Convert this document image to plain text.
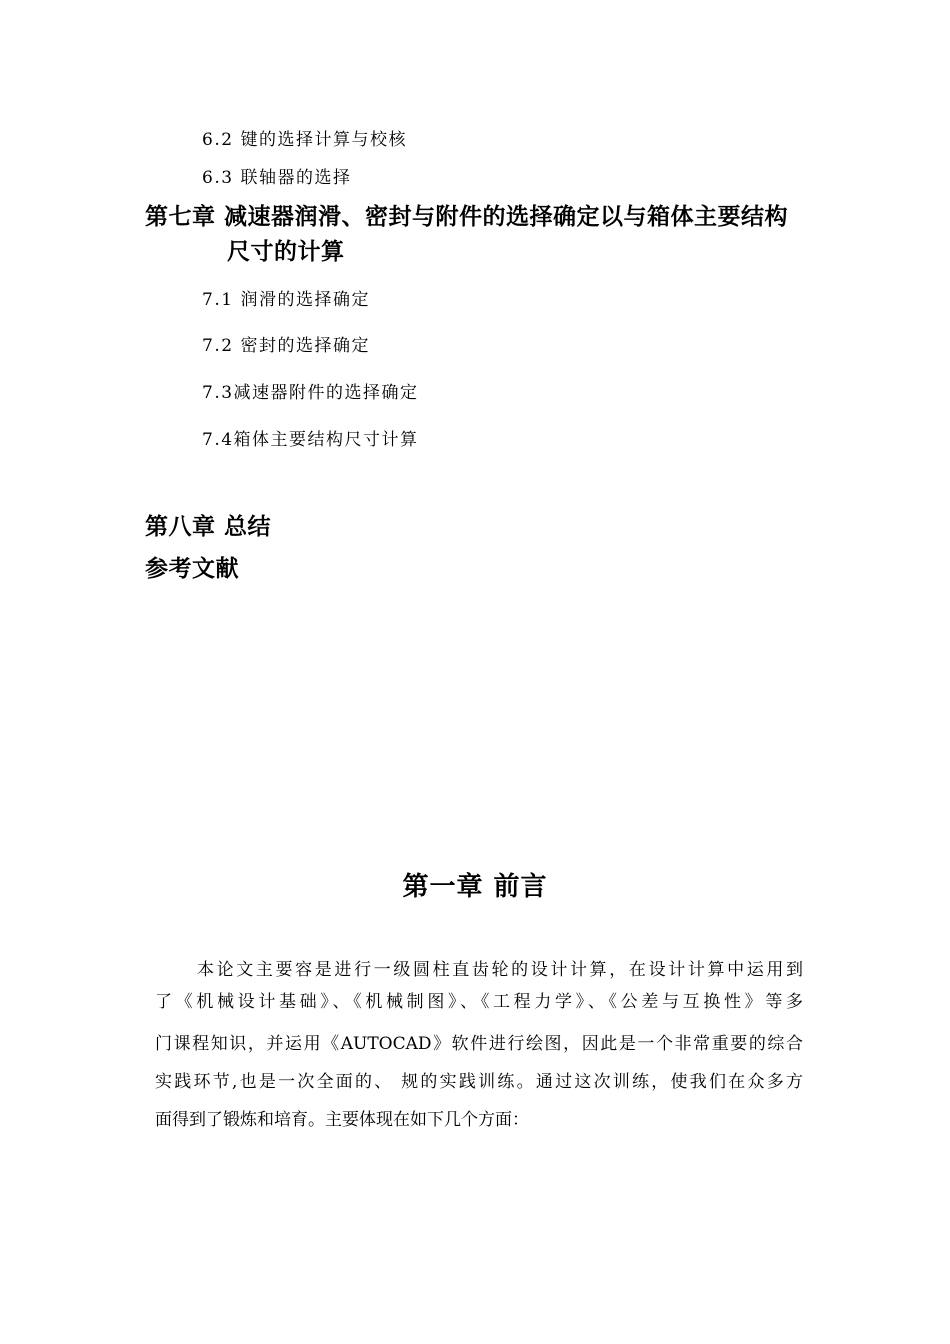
6.2 键的选择计算与校核
6.3 联轴器的选择
第七章 减速器润滑、密封与附件的选择确定以与箱体主要结构
尺寸的计算
7.1 润滑的选择确定
7.2 密封的选择确定
7.3减速器附件的选择确定
7.4箱体主要结构尺寸计算
第八章 总结
参考文献
第一章 前言
本论文主要容是进行一级圆柱直齿轮的设计计算，在设计计算中运用到
了《机械设计基础》、《机械制图》、《工程力学》、《公差与互换性》等多
门课程知识，并运用《AUTOCAD》软件进行绘图，因此是一个非常重要的综合
实践环节,也是一次全面的、 规的实践训练。通过这次训练，使我们在众多方
面得到了锻炼和培育。主要体现在如下几个方面：
